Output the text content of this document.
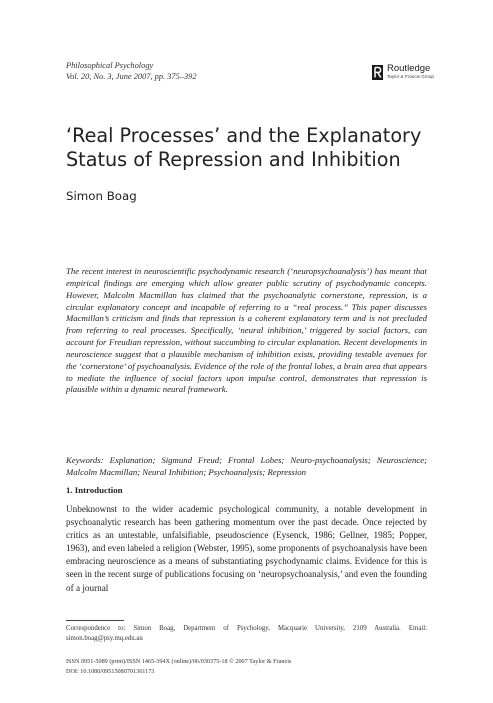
Philosophical Psychology
Vol. 20, No. 3, June 2007, pp. 375–392
Routledge
Taylor & Francis Group
‘Real Processes’ and the Explanatory Status of Repression and Inhibition
Simon Boag

The recent interest in neuroscientific psychodynamic research (‘neuropsychoanalysis’) has meant that empirical findings are emerging which allow greater public scrutiny of psychodynamic concepts. However, Malcolm Macmillan has claimed that the psychoanalytic cornerstone, repression, is a circular explanatory concept and incapable of referring to a “real process.” This paper discusses Macmillan’s criticism and finds that repression is a coherent explanatory term and is not precluded from referring to real processes. Specifically, ‘neural inhibition,’ triggered by social factors, can account for Freudian repression, without succumbing to circular explanation. Recent developments in neuroscience suggest that a plausible mechanism of inhibition exists, providing testable avenues for the ‘cornerstone’ of psychoanalysis. Evidence of the role of the frontal lobes, a brain area that appears to mediate the influence of social factors upon impulse control, demonstrates that repression is plausible within a dynamic neural framework.

Keywords: Explanation; Sigmund Freud; Frontal Lobes; Neuro-psychoanalysis; Neuroscience; Malcolm Macmillan; Neural Inhibition; Psychoanalysis; Repression

1. Introduction

Unbeknownst to the wider academic psychological community, a notable development in psychoanalytic research has been gathering momentum over the past decade. Once rejected by critics as an untestable, unfalsifiable, pseudoscience (Eysenck, 1986; Gellner, 1985; Popper, 1963), and even labeled a religion (Webster, 1995), some proponents of psychoanalysis have been embracing neuroscience as a means of substantiating psychodynamic claims. Evidence for this is seen in the recent surge of publications focusing on ‘neuropsychoanalysis,’ and even the founding of a journal

Correspondence to: Simon Boag, Department of Psychology, Macquarie University, 2109 Australia. Email: simon.boag@psy.mq.edu.au

ISSN 0951-5089 (print)/ISSN 1465-394X (online)/06/030375-18 © 2007 Taylor & Francis
DOI: 10.1080/09515080701361173
